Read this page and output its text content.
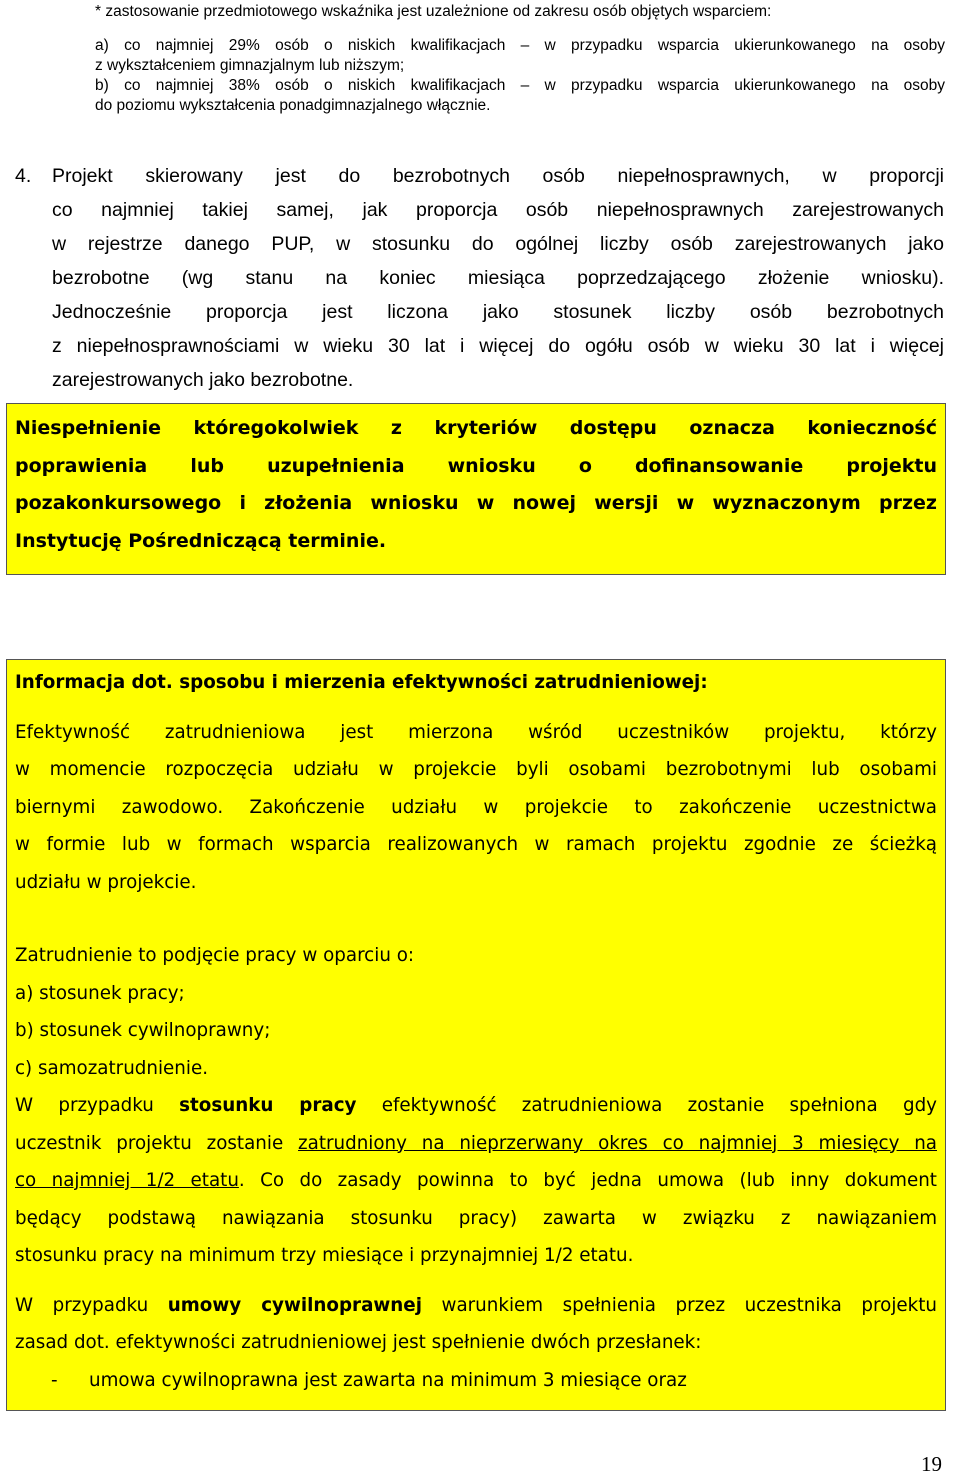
* zastosowanie przedmiotowego wskaźnika jest uzależnione od zakresu osób objętych wsparciem:

a) co najmniej 29% osób o niskich kwalifikacjach – w przypadku wsparcia ukierunkowanego na osoby
z wykształceniem gimnazjalnym lub niższym;
b) co najmniej 38% osób o niskich kwalifikacjach – w przypadku wsparcia ukierunkowanego na osoby
do poziomu wykształcenia ponadgimnazjalnego włącznie.
4. Projekt skierowany jest do bezrobotnych osób niepełnosprawnych, w proporcji
co najmniej takiej samej, jak proporcja osób niepełnosprawnych zarejestrowanych
w rejestrze danego PUP, w stosunku do ogólnej liczby osób zarejestrowanych jako
bezrobotne (wg stanu na koniec miesiąca poprzedzającego złożenie wniosku).
Jednocześnie proporcja jest liczona jako stosunek liczby osób bezrobotnych
z niepełnosprawnościami w wieku 30 lat i więcej do ogółu osób w wieku 30 lat i więcej
zarejestrowanych jako bezrobotne.
Niespełnienie któregokolwiek z kryteriów dostępu oznacza konieczność
poprawienia lub uzupełnienia wniosku o dofinansowanie projektu
pozakonkursowego i złożenia wniosku w nowej wersji w wyznaczonym przez
Instytucję Pośredniczącą terminie.
Informacja dot. sposobu i mierzenia efektywności zatrudnieniowej:
Efektywność zatrudnieniowa jest mierzona wśród uczestników projektu, którzy
w momencie rozpoczęcia udziału w projekcie byli osobami bezrobotnymi lub osobami
biernymi zawodowo. Zakończenie udziału w projekcie to zakończenie uczestnictwa
w formie lub w formach wsparcia realizowanych w ramach projektu zgodnie ze ścieżką
udziału w projekcie.
Zatrudnienie to podjęcie pracy w oparciu o:
a) stosunek pracy;
b) stosunek cywilnoprawny;
c) samozatrudnienie.
W przypadku stosunku pracy efektywność zatrudnieniowa zostanie spełniona gdy
uczestnik projektu zostanie zatrudniony na nieprzerwany okres co najmniej 3 miesięcy na
co najmniej 1/2 etatu. Co do zasady powinna to być jedna umowa (lub inny dokument
będący podstawą nawiązania stosunku pracy) zawarta w związku z nawiązaniem
stosunku pracy na minimum trzy miesiące i przynajmniej 1/2 etatu.
W przypadku umowy cywilnoprawnej warunkiem spełnienia przez uczestnika projektu
zasad dot. efektywności zatrudnieniowej jest spełnienie dwóch przesłanek:
- umowa cywilnoprawna jest zawarta na minimum 3 miesiące oraz
19
